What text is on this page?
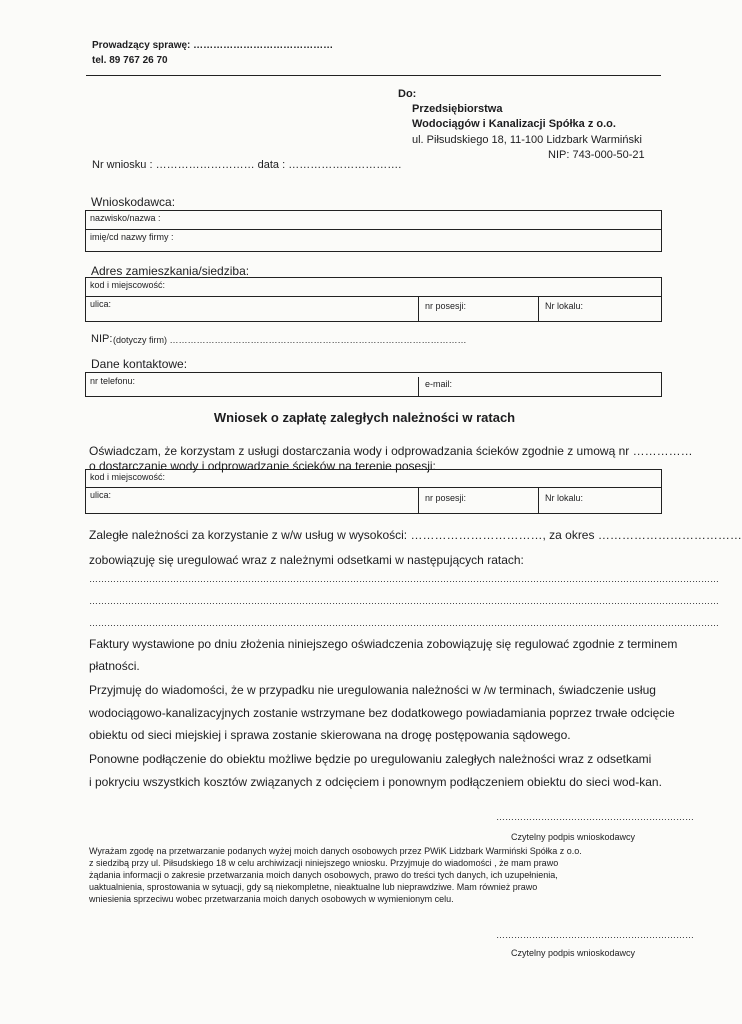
Prowadzący sprawę: ……………………………………
tel. 89 767 26 70
Do:
Przedsiębiorstwa
Wodociągów i Kanalizacji Spółka z o.o.
ul. Piłsudskiego 18, 11-100 Lidzbark Warmiński
NIP: 743-000-50-21
Nr wniosku : ……………………… data : ………………………….
Wnioskodawca:
nazwisko/nazwa :
imię/cd nazwy firmy :
Adres zamieszkania/siedziba:
kod i miejscowość:
ulica:	nr posesji:	Nr lokalu:
NIP: (dotyczy firm) ………………………………………………………………………………………
Dane kontaktowe:
nr telefonu:	e-mail:
Wniosek o zapłatę zaległych należności w ratach
Oświadczam, że korzystam z usługi dostarczania wody i odprowadzania ścieków zgodnie z umową nr ……………
o dostarczanie wody i odprowadzanie ścieków na terenie posesji:
kod i miejscowość:
ulica:	nr posesji:	Nr lokalu:
Zaległe należności za korzystanie z w/w usług w wysokości: ……………………………, za okres ………………………………
zobowiązuję się uregulować wraz z należnymi odsetkami w następujących ratach:
…………………………………………………………………………………………………………………………………………………………………………………………
…………………………………………………………………………………………………………………………………………………………………………………………
…………………………………………………………………………………………………………………………………………………………………………………………
Faktury wystawione po dniu złożenia niniejszego oświadczenia zobowiązuję się regulować zgodnie z terminem
płatności.
Przyjmuję do wiadomości, że w przypadku nie uregulowania należności w /w terminach, świadczenie usług
wodociągowo-kanalizacyjnych zostanie wstrzymane bez dodatkowego powiadamiania poprzez trwałe odcięcie
obiektu od sieci miejskiej i sprawa zostanie skierowana na drogę postępowania sądowego.
Ponowne podłączenie do obiektu możliwe będzie po uregulowaniu zaległych należności wraz z odsetkami
i pokryciu wszystkich kosztów związanych z odcięciem i ponownym podłączeniem obiektu do sieci wod-kan.
…………………………………………………………
Czytelny podpis wnioskodawcy
Wyrażam zgodę na przetwarzanie podanych wyżej moich danych osobowych przez PWiK Lidzbark Warmiński Spółka z o.o.
z siedzibą przy ul. Piłsudskiego 18 w celu archiwizacji niniejszego wniosku. Przyjmuje do wiadomości , że mam prawo
żądania informacji o zakresie przetwarzania moich danych osobowych, prawo do treści tych danych, ich uzupełnienia,
uaktualnienia, sprostowania w sytuacji, gdy są niekompletne, nieaktualne lub nieprawdziwe. Mam również prawo
wniesienia sprzeciwu wobec przetwarzania moich danych osobowych w wymienionym celu.
…………………………………………………………
Czytelny podpis wnioskodawcy
